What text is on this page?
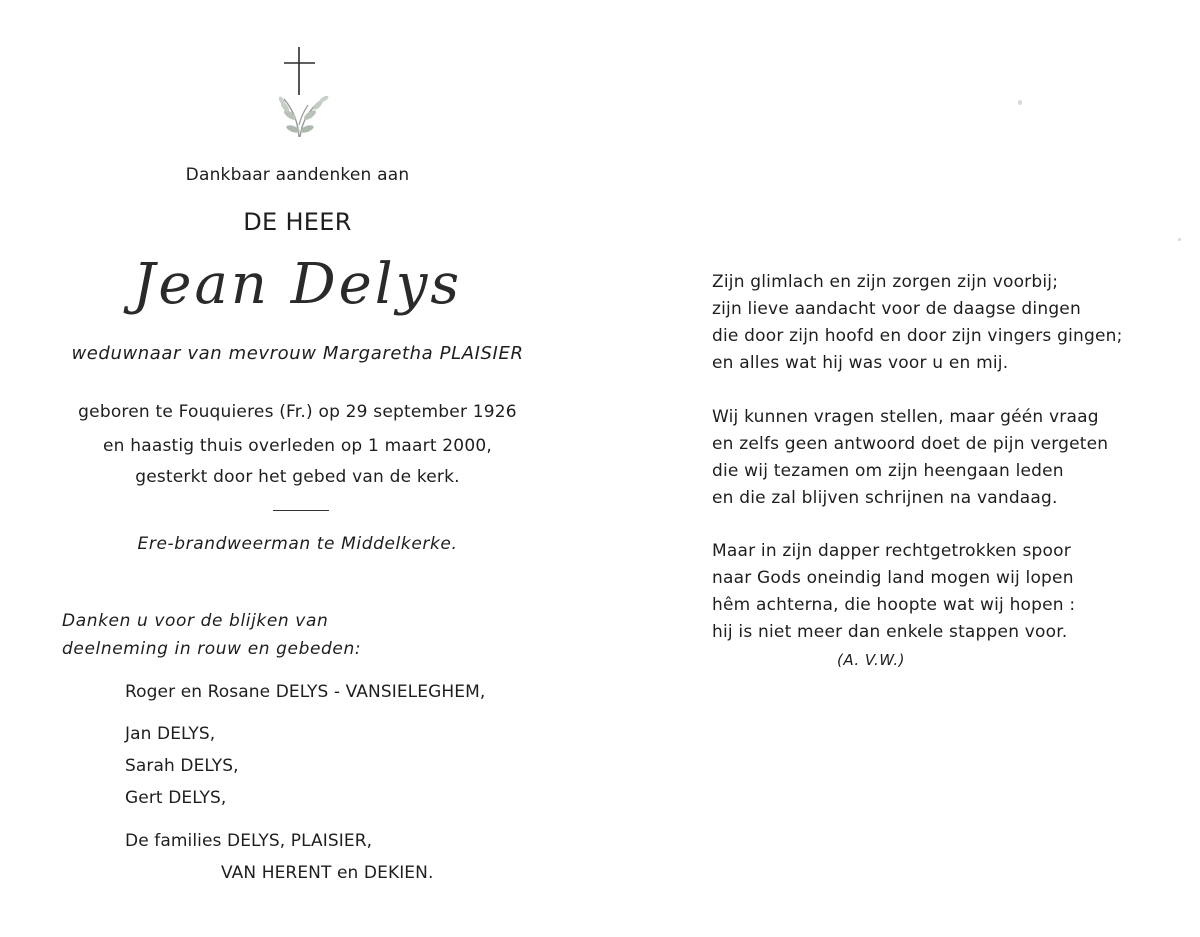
Dankbaar aandenken aan
DE HEER
Jean Delys
weduwnaar van mevrouw Margaretha PLAISIER
geboren te Fouquieres (Fr.) op 29 september 1926
en haastig thuis overleden op 1 maart 2000,
gesterkt door het gebed van de kerk.
Ere-brandweerman te Middelkerke.
Danken u voor de blijken van
deelneming in rouw en gebeden:
Roger en Rosane DELYS - VANSIELEGHEM,
Jan DELYS,
Sarah DELYS,
Gert DELYS,
De families DELYS, PLAISIER,
VAN HERENT en DEKIEN.
Zijn glimlach en zijn zorgen zijn voorbij;
zijn lieve aandacht voor de daagse dingen
die door zijn hoofd en door zijn vingers gingen;
en alles wat hij was voor u en mij.
Wij kunnen vragen stellen, maar géén vraag
en zelfs geen antwoord doet de pijn vergeten
die wij tezamen om zijn heengaan leden
en die zal blijven schrijnen na vandaag.
Maar in zijn dapper rechtgetrokken spoor
naar Gods oneindig land mogen wij lopen
hêm achterna, die hoopte wat wij hopen :
hij is niet meer dan enkele stappen voor.
(A. V.W.)
